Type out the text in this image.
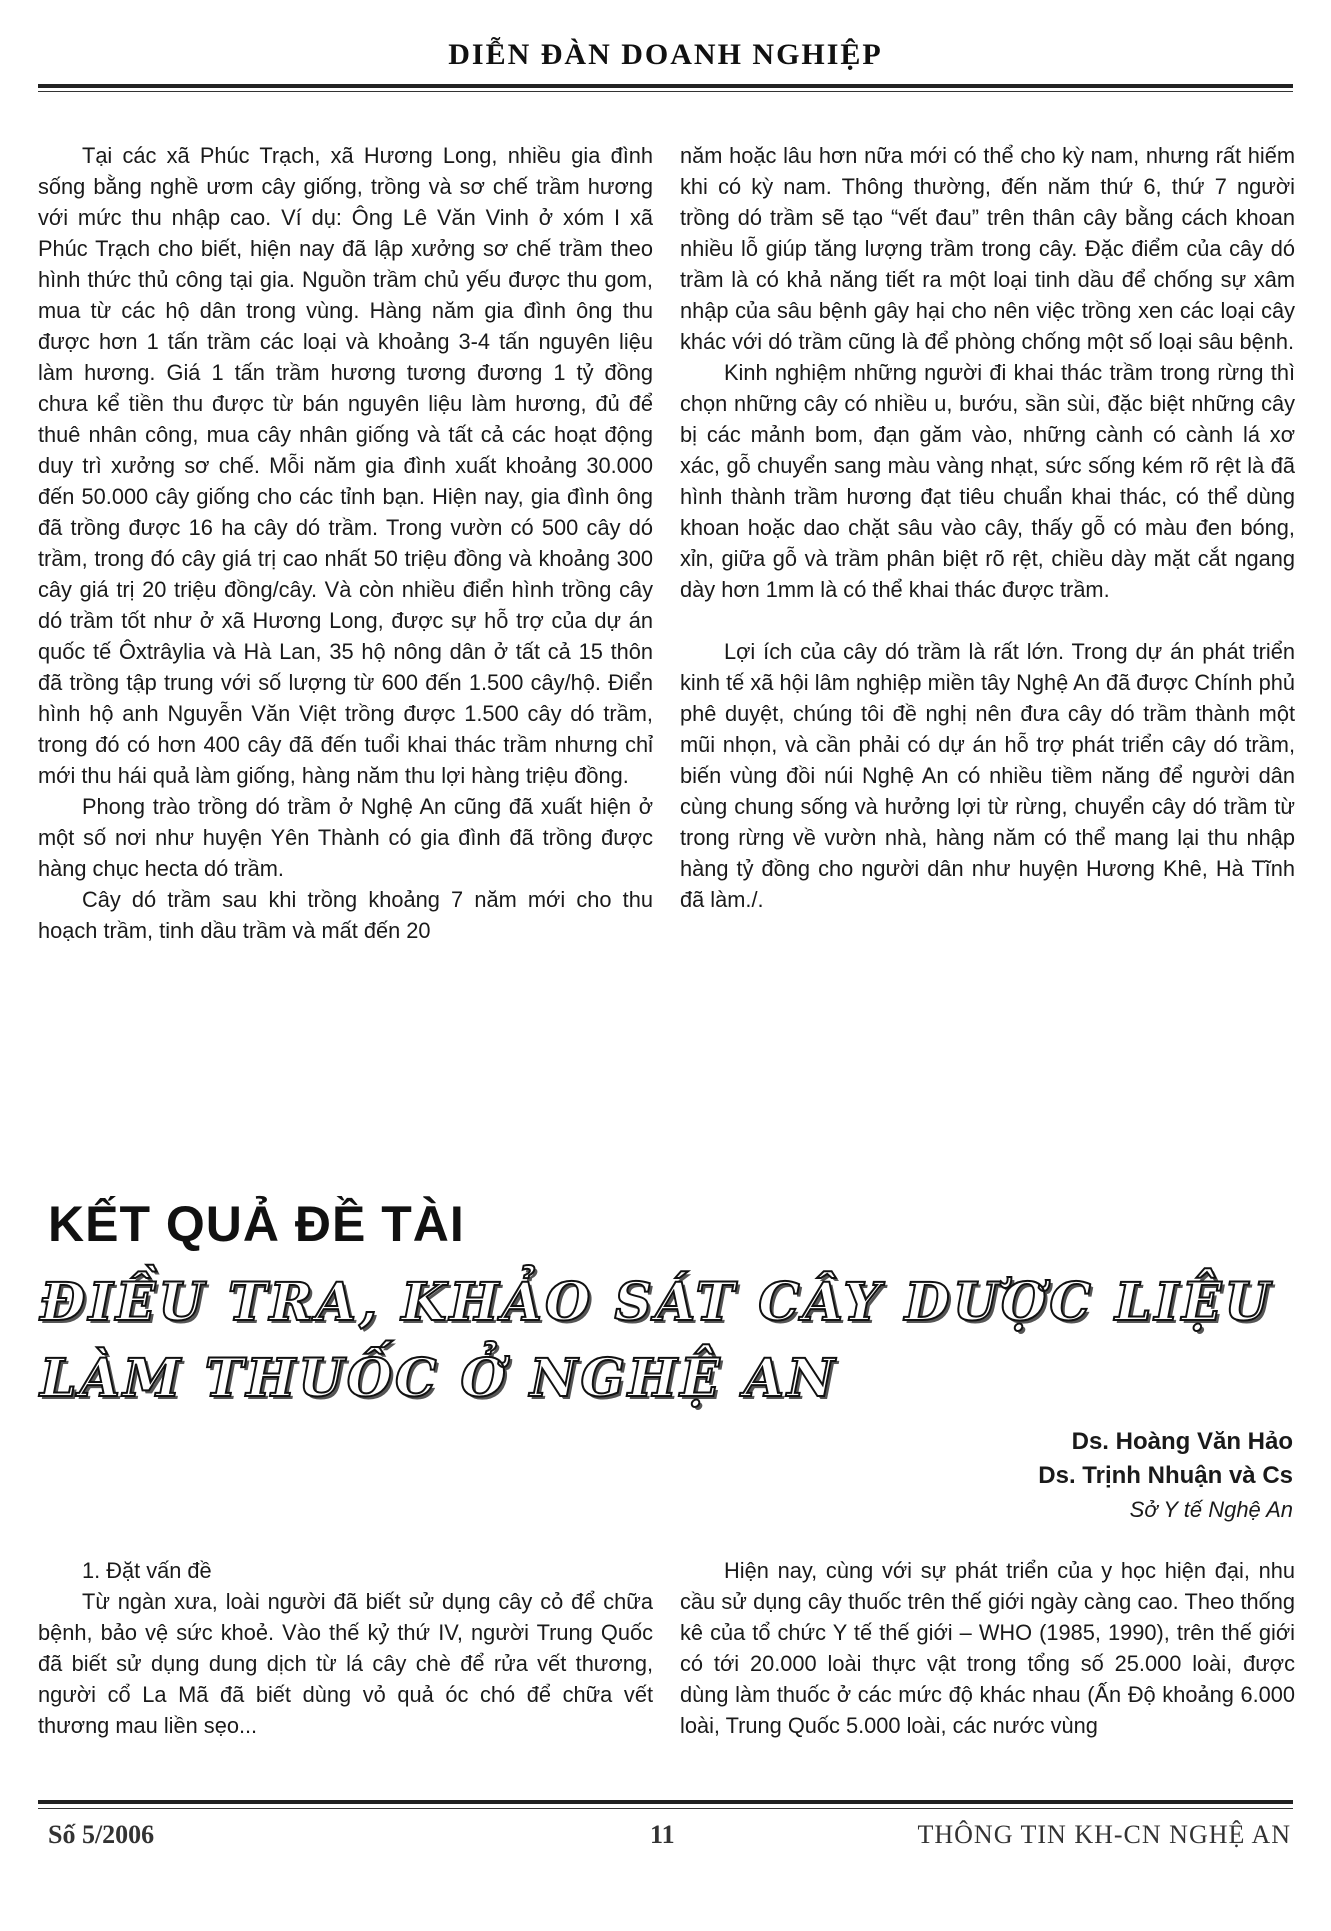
DIỄN ĐÀN DOANH NGHIỆP

Tại các xã Phúc Trạch, xã Hương Long, nhiều gia đình sống bằng nghề ươm cây giống, trồng và sơ chế trầm hương với mức thu nhập cao. Ví dụ: Ông Lê Văn Vinh ở xóm I xã Phúc Trạch cho biết, hiện nay đã lập xưởng sơ chế trầm theo hình thức thủ công tại gia. Nguồn trầm chủ yếu được thu gom, mua từ các hộ dân trong vùng. Hàng năm gia đình ông thu được hơn 1 tấn trầm các loại và khoảng 3-4 tấn nguyên liệu làm hương. Giá 1 tấn trầm hương tương đương 1 tỷ đồng chưa kể tiền thu được từ bán nguyên liệu làm hương, đủ để thuê nhân công, mua cây nhân giống và tất cả các hoạt động duy trì xưởng sơ chế. Mỗi năm gia đình xuất khoảng 30.000 đến 50.000 cây giống cho các tỉnh bạn. Hiện nay, gia đình ông đã trồng được 16 ha cây dó trầm. Trong vườn có 500 cây dó trầm, trong đó cây giá trị cao nhất 50 triệu đồng và khoảng 300 cây giá trị 20 triệu đồng/cây. Và còn nhiều điển hình trồng cây dó trầm tốt như ở xã Hương Long, được sự hỗ trợ của dự án quốc tế Ôxtrâylia và Hà Lan, 35 hộ nông dân ở tất cả 15 thôn đã trồng tập trung với số lượng từ 600 đến 1.500 cây/hộ. Điển hình hộ anh Nguyễn Văn Việt trồng được 1.500 cây dó trầm, trong đó có hơn 400 cây đã đến tuổi khai thác trầm nhưng chỉ mới thu hái quả làm giống, hàng năm thu lợi hàng triệu đồng.

Phong trào trồng dó trầm ở Nghệ An cũng đã xuất hiện ở một số nơi như huyện Yên Thành có gia đình đã trồng được hàng chục hecta dó trầm.

Cây dó trầm sau khi trồng khoảng 7 năm mới cho thu hoạch trầm, tinh dầu trầm và mất đến 20

năm hoặc lâu hơn nữa mới có thể cho kỳ nam, nhưng rất hiếm khi có kỳ nam. Thông thường, đến năm thứ 6, thứ 7 người trồng dó trầm sẽ tạo “vết đau” trên thân cây bằng cách khoan nhiều lỗ giúp tăng lượng trầm trong cây. Đặc điểm của cây dó trầm là có khả năng tiết ra một loại tinh dầu để chống sự xâm nhập của sâu bệnh gây hại cho nên việc trồng xen các loại cây khác với dó trầm cũng là để phòng chống một số loại sâu bệnh.

Kinh nghiệm những người đi khai thác trầm trong rừng thì chọn những cây có nhiều u, bướu, sần sùi, đặc biệt những cây bị các mảnh bom, đạn găm vào, những cành có cành lá xơ xác, gỗ chuyển sang màu vàng nhạt, sức sống kém rõ rệt là đã hình thành trầm hương đạt tiêu chuẩn khai thác, có thể dùng khoan hoặc dao chặt sâu vào cây, thấy gỗ có màu đen bóng, xỉn, giữa gỗ và trầm phân biệt rõ rệt, chiều dày mặt cắt ngang dày hơn 1mm là có thể khai thác được trầm.

Lợi ích của cây dó trầm là rất lớn. Trong dự án phát triển kinh tế xã hội lâm nghiệp miền tây Nghệ An đã được Chính phủ phê duyệt, chúng tôi đề nghị nên đưa cây dó trầm thành một mũi nhọn, và cần phải có dự án hỗ trợ phát triển cây dó trầm, biến vùng đồi núi Nghệ An có nhiều tiềm năng để người dân cùng chung sống và hưởng lợi từ rừng, chuyển cây dó trầm từ trong rừng về vườn nhà, hàng năm có thể mang lại thu nhập hàng tỷ đồng cho người dân như huyện Hương Khê, Hà Tĩnh đã làm./.

KẾT QUẢ ĐỀ TÀI
ĐIỀU TRA, KHẢO SÁT CÂY DƯỢC LIỆU
LÀM THUỐC Ở NGHỆ AN
Ds. Hoàng Văn Hảo
Ds. Trịnh Nhuận và Cs
Sở Y tế Nghệ An

1. Đặt vấn đề

Từ ngàn xưa, loài người đã biết sử dụng cây cỏ để chữa bệnh, bảo vệ sức khoẻ. Vào thế kỷ thứ IV, người Trung Quốc đã biết sử dụng dung dịch từ lá cây chè để rửa vết thương, người cổ La Mã đã biết dùng vỏ quả óc chó để chữa vết thương mau liền sẹo...

Hiện nay, cùng với sự phát triển của y học hiện đại, nhu cầu sử dụng cây thuốc trên thế giới ngày càng cao. Theo thống kê của tổ chức Y tế thế giới – WHO (1985, 1990), trên thế giới có tới 20.000 loài thực vật trong tổng số 25.000 loài, được dùng làm thuốc ở các mức độ khác nhau (Ấn Độ khoảng 6.000 loài, Trung Quốc 5.000 loài, các nước vùng

Số 5/2006	11	THÔNG TIN KH-CN NGHỆ AN
